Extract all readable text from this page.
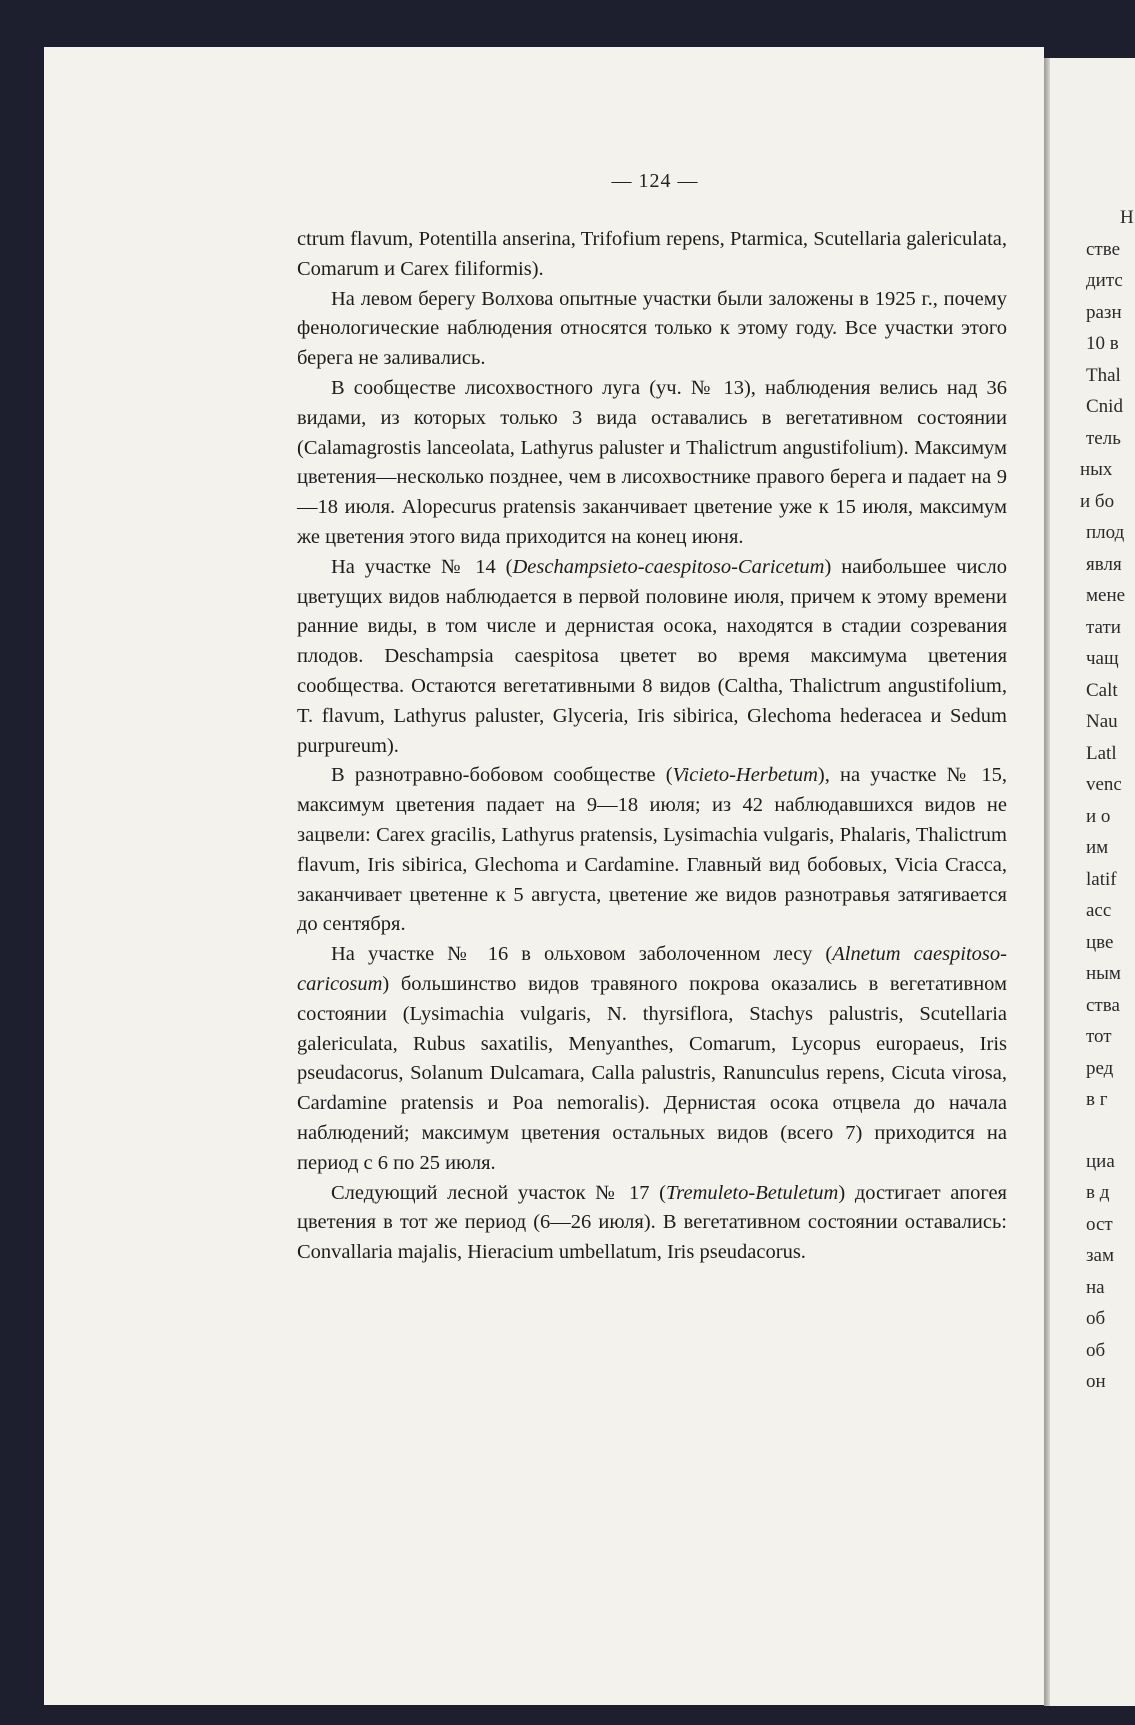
— 124 —

ctrum flavum, Potentilla anserina, Trifofium repens, Ptarmica, Scutellaria galericulata, Comarum и Carex filiformis).

На левом берегу Волхова опытные участки были заложены в 1925 г., почему фенологические наблюдения относятся только к этому году. Все участки этого берега не заливались.

В сообществе лисохвостного луга (уч. № 13), наблюдения велись над 36 видами, из которых только 3 вида оставались в вегетативном состоянии (Calamagrostis lanceolata, Lathyrus paluster и Thalictrum angustifolium). Максимум цветения—несколько позднее, чем в лисохвостнике правого берега и падает на 9—18 июля. Alopecurus pratensis заканчивает цветение уже к 15 июля, максимум же цветения этого вида приходится на конец июня.

На участке № 14 (Deschampsieto-caespitoso-Caricetum) наибольшее число цветущих видов наблюдается в первой половине июля, причем к этому времени ранние виды, в том числе и дернистая осока, находятся в стадии созревания плодов. Deschampsia caespitosa цветет во время максимума цветения сообщества. Остаются вегетативными 8 видов (Caltha, Thalictrum angustifolium, T. flavum, Lathyrus paluster, Glyceria, Iris sibirica, Glechoma hederacea и Sedum purpureum).

В разнотравно-бобовом сообществе (Vicieto-Herbetum), на участке № 15, максимум цветения падает на 9—18 июля; из 42 наблюдавшихся видов не зацвели: Carex gracilis, Lathyrus pratensis, Lysimachia vulgaris, Phalaris, Thalictrum flavum, Iris sibirica, Glechoma и Cardamine. Главный вид бобовых, Vicia Cracca, заканчивает цветенне к 5 августа, цветение же видов разнотравья затягивается до сентября.

На участке № 16 в ольховом заболоченном лесу (Alnetum caespitoso-caricosum) большинство видов травяного покрова оказались в вегетативном состоянии (Lysimachia vulgaris, N. thyrsiflora, Stachys palustris, Scutellaria galericulata, Rubus saxatilis, Menyanthes, Comarum, Lycopus europaeus, Iris pseudacorus, Solanum Dulcamara, Calla palustris, Ranunculus repens, Cicuta virosa, Cardamine pratensis и Poa nemoralis). Дернистая осока отцвела до начала наблюдений; максимум цветения остальных видов (всего 7) приходится на период с 6 по 25 июля.

Следующий лесной участок № 17 (Tremuleto-Betuletum) достигает апогея цветения в тот же период (6—26 июля). В вегетативном состоянии оставались: Convallaria majalis, Hieracium umbellatum, Iris pseudacorus.

Н
стве
дитс
разн
10 в
Thal
Cnid
тель
ных
и бо
плод
явля
мене
тати
чащ
Calt
Nau
Latl
venc
и о
им
latif
асс
цве
ным
ства
тот
ред
в г
циа
в д
ост
зам
на
об
об
он
